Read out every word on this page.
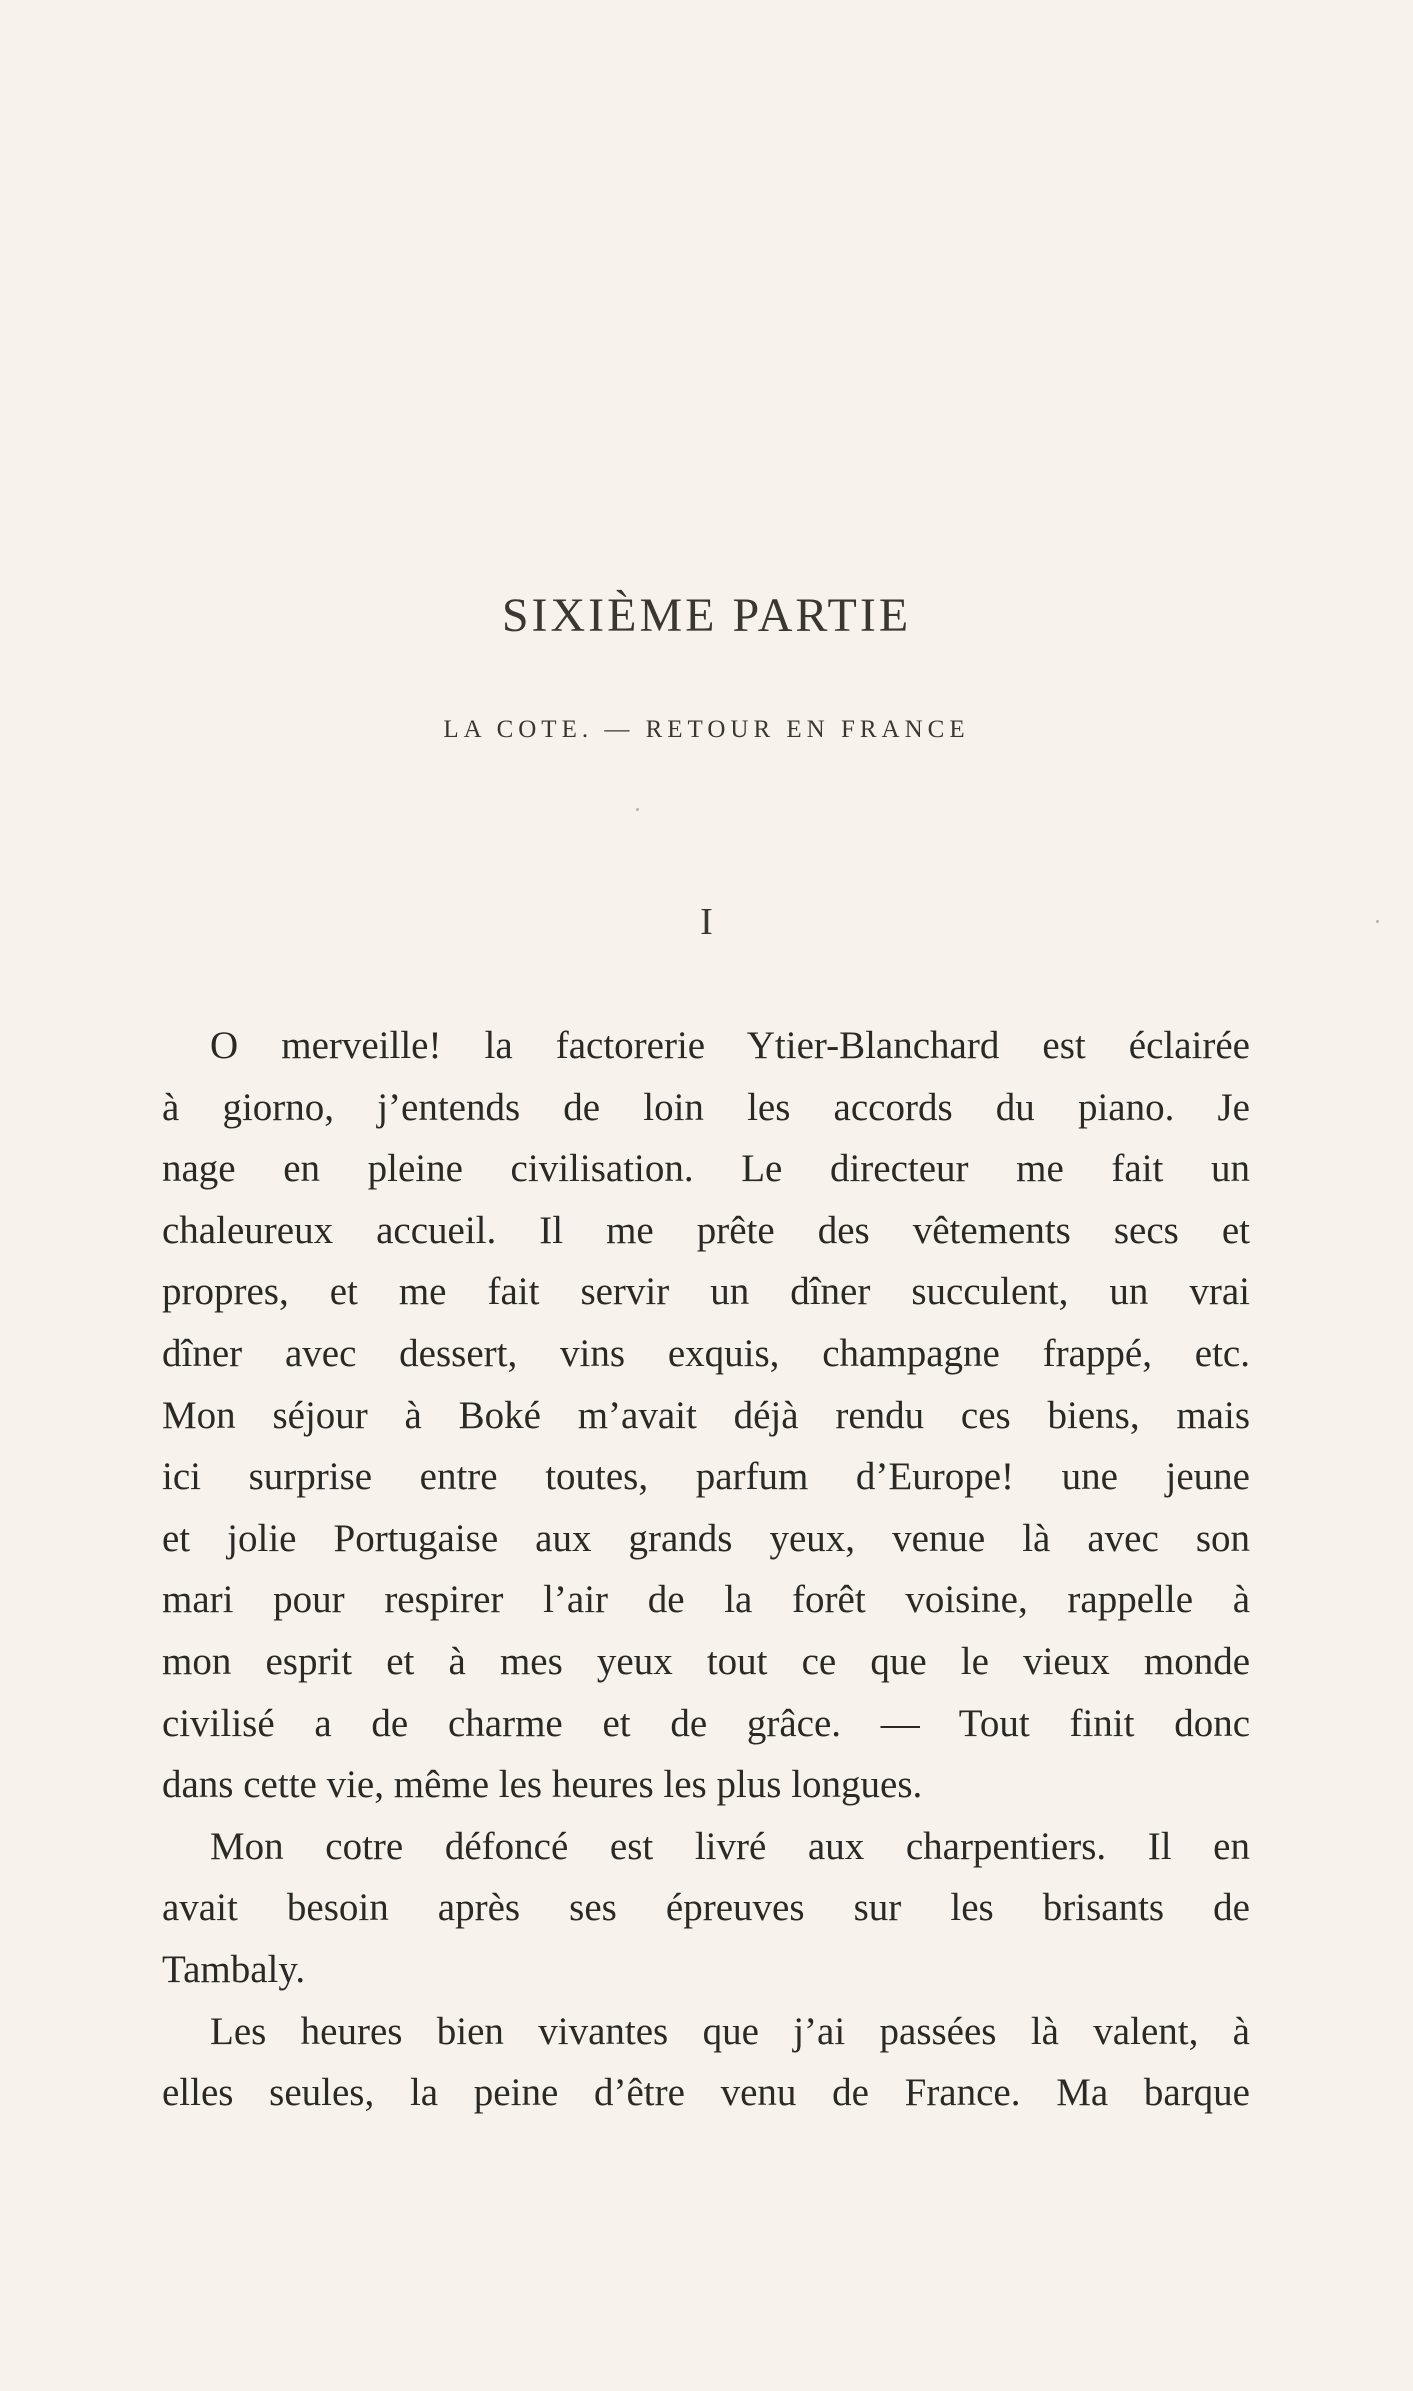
SIXIÈME PARTIE
LA COTE. — RETOUR EN FRANCE
I
O merveille! la factorerie Ytier-Blanchard est éclairée
à giorno, j’entends de loin les accords du piano. Je
nage en pleine civilisation. Le directeur me fait un
chaleureux accueil. Il me prête des vêtements secs et
propres, et me fait servir un dîner succulent, un vrai
dîner avec dessert, vins exquis, champagne frappé, etc.
Mon séjour à Boké m’avait déjà rendu ces biens, mais
ici surprise entre toutes, parfum d’Europe! une jeune
et jolie Portugaise aux grands yeux, venue là avec son
mari pour respirer l’air de la forêt voisine, rappelle à
mon esprit et à mes yeux tout ce que le vieux monde
civilisé a de charme et de grâce. — Tout finit donc
dans cette vie, même les heures les plus longues.
Mon cotre défoncé est livré aux charpentiers. Il en
avait besoin après ses épreuves sur les brisants de
Tambaly.
Les heures bien vivantes que j’ai passées là valent, à
elles seules, la peine d’être venu de France. Ma barque
